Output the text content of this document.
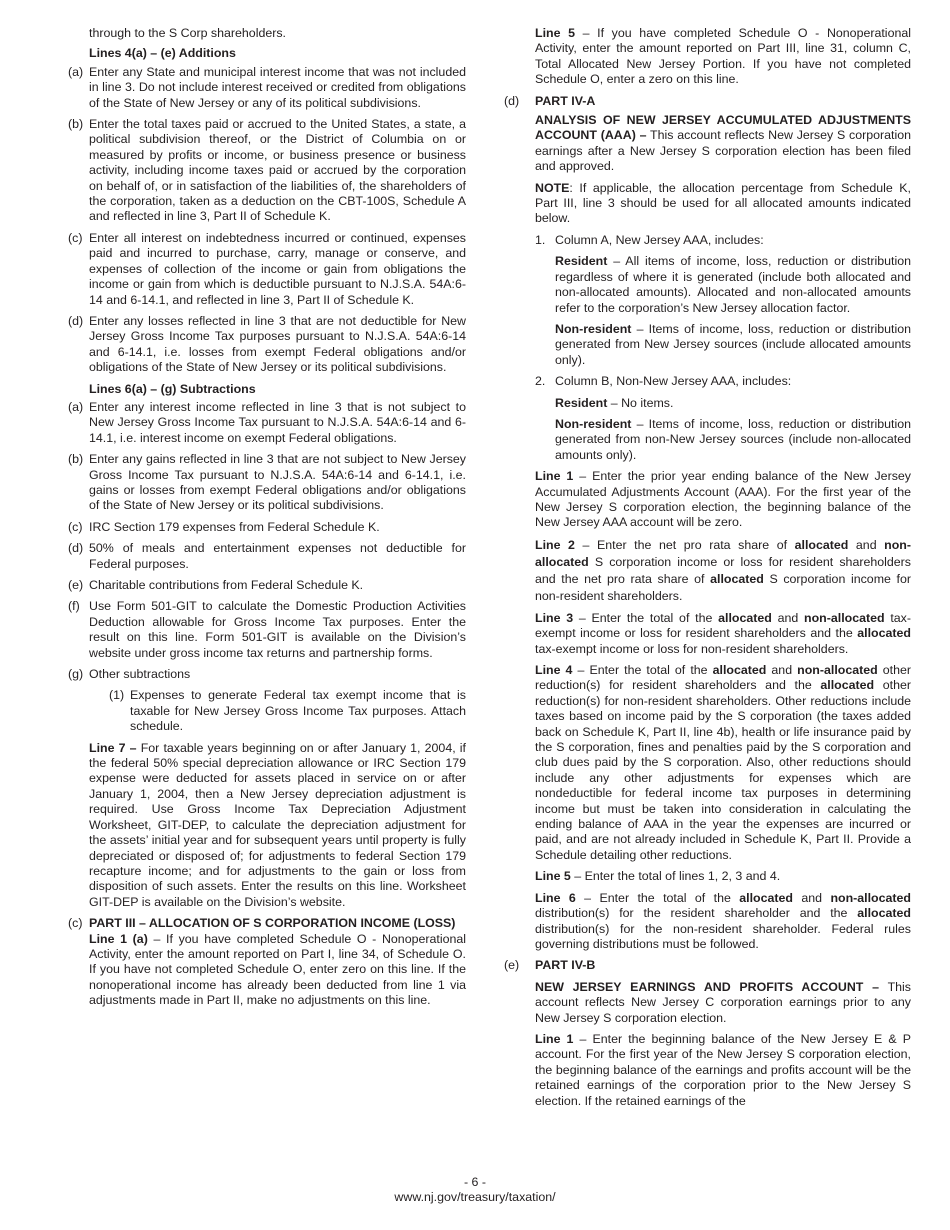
through to the S Corp shareholders.

Lines 4(a) – (e) Additions

(a) Enter any State and municipal interest income that was not included in line 3. Do not include interest received or credited from obligations of the State of New Jersey or any of its political subdivisions.
(b) Enter the total taxes paid or accrued to the United States, a state, a political subdivision thereof, or the District of Columbia on or measured by profits or income, or business presence or business activity, including income taxes paid or accrued by the corporation on behalf of, or in satisfaction of the liabilities of, the shareholders of the corporation, taken as a deduction on the CBT-100S, Schedule A and reflected in line 3, Part II of Schedule K.
(c) Enter all interest on indebtedness incurred or continued, expenses paid and incurred to purchase, carry, manage or conserve, and expenses of collection of the income or gain from obligations the income or gain from which is deductible pursuant to N.J.S.A. 54A:6-14 and 6-14.1, and reflected in line 3, Part II of Schedule K.
(d) Enter any losses reflected in line 3 that are not deductible for New Jersey Gross Income Tax purposes pursuant to N.J.S.A. 54A:6-14 and 6-14.1, i.e. losses from exempt Federal obligations and/or obligations of the State of New Jersey or its political subdivisions.

Lines 6(a) – (g) Subtractions

(a) Enter any interest income reflected in line 3 that is not subject to New Jersey Gross Income Tax pursuant to N.J.S.A. 54A:6-14 and 6-14.1, i.e. interest income on exempt Federal obligations.
(b) Enter any gains reflected in line 3 that are not subject to New Jersey Gross Income Tax pursuant to N.J.S.A. 54A:6-14 and 6-14.1, i.e. gains or losses from exempt Federal obligations and/or obligations of the State of New Jersey or its political subdivisions.
(c) IRC Section 179 expenses from Federal Schedule K.
(d) 50% of meals and entertainment expenses not deductible for Federal purposes.
(e) Charitable contributions from Federal Schedule K.
(f) Use Form 501-GIT to calculate the Domestic Production Activities Deduction allowable for Gross Income Tax purposes. Enter the result on this line. Form 501-GIT is available on the Division’s website under gross income tax returns and partnership forms.
(g) Other subtractions
(1) Expenses to generate Federal tax exempt income that is taxable for New Jersey Gross Income Tax purposes. Attach schedule.

Line 7 – For taxable years beginning on or after January 1, 2004, if the federal 50% special depreciation allowance or IRC Section 179 expense were deducted for assets placed in service on or after January 1, 2004, then a New Jersey depreciation adjustment is required. Use Gross Income Tax Depreciation Adjustment Worksheet, GIT-DEP, to calculate the depreciation adjustment for the assets’ initial year and for subsequent years until property is fully depreciated or disposed of; for adjustments to federal Section 179 recapture income; and for adjustments to the gain or loss from disposition of such assets. Enter the results on this line. Worksheet GIT-DEP is available on the Division’s website.

(c) PART III – ALLOCATION OF S CORPORATION INCOME (LOSS)

Line 1 (a) – If you have completed Schedule O - Nonoperational Activity, enter the amount reported on Part I, line 34, of Schedule O. If you have not completed Schedule O, enter zero on this line. If the nonoperational income has already been deducted from line 1 via adjustments made in Part II, make no adjustments on this line.

Line 5 – If you have completed Schedule O - Nonoperational Activity, enter the amount reported on Part III, line 31, column C, Total Allocated New Jersey Portion. If you have not completed Schedule O, enter a zero on this line.

(d)	PART IV-A

ANALYSIS OF NEW JERSEY ACCUMULATED ADJUSTMENTS ACCOUNT (AAA) – This account reflects New Jersey S corporation earnings after a New Jersey S corporation election has been filed and approved.

NOTE: If applicable, the allocation percentage from Schedule K, Part III, line 3 should be used for all allocated amounts indicated below.

1. Column A, New Jersey AAA, includes:

Resident – All items of income, loss, reduction or distribution regardless of where it is generated (include both allocated and non-allocated amounts). Allocated and non-allocated amounts refer to the corporation’s New Jersey allocation factor.

Non-resident – Items of income, loss, reduction or distribution generated from New Jersey sources (include allocated amounts only).

2. Column B, Non-New Jersey AAA, includes:

Resident – No items.

Non-resident – Items of income, loss, reduction or distribution generated from non-New Jersey sources (include non-allocated amounts only).

Line 1 – Enter the prior year ending balance of the New Jersey Accumulated Adjustments Account (AAA). For the first year of the New Jersey S corporation election, the beginning balance of the New Jersey AAA account will be zero.

Line 2 – Enter the net pro rata share of allocated and non-allocated S corporation income or loss for resident shareholders and the net pro rata share of allocated S corporation income for non-resident shareholders.

Line 3 – Enter the total of the allocated and non-allocated tax-exempt income or loss for resident shareholders and the allocated tax-exempt income or loss for non-resident shareholders.

Line 4 – Enter the total of the allocated and non-allocated other reduction(s) for resident shareholders and the allocated other reduction(s) for non-resident shareholders. Other reductions include taxes based on income paid by the S corporation (the taxes added back on Schedule K, Part II, line 4b), health or life insurance paid by the S corporation, fines and penalties paid by the S corporation and club dues paid by the S corporation. Also, other reductions should include any other adjustments for expenses which are nondeductible for federal income tax purposes in determining income but must be taken into consideration in calculating the ending balance of AAA in the year the expenses are incurred or paid, and are not already included in Schedule K, Part II. Provide a Schedule detailing other reductions.

Line 5 – Enter the total of lines 1, 2, 3 and 4.

Line 6 – Enter the total of the allocated and non-allocated distribution(s) for the resident shareholder and the allocated distribution(s) for the non-resident shareholder. Federal rules governing distributions must be followed.

(e)	PART IV-B

NEW JERSEY EARNINGS AND PROFITS ACCOUNT – This account reflects New Jersey C corporation earnings prior to any New Jersey S corporation election.

Line 1 – Enter the beginning balance of the New Jersey E & P account. For the first year of the New Jersey S corporation election, the beginning balance of the earnings and profits account will be the retained earnings of the corporation prior to the New Jersey S election. If the retained earnings of the

- 6 -
www.nj.gov/treasury/taxation/
